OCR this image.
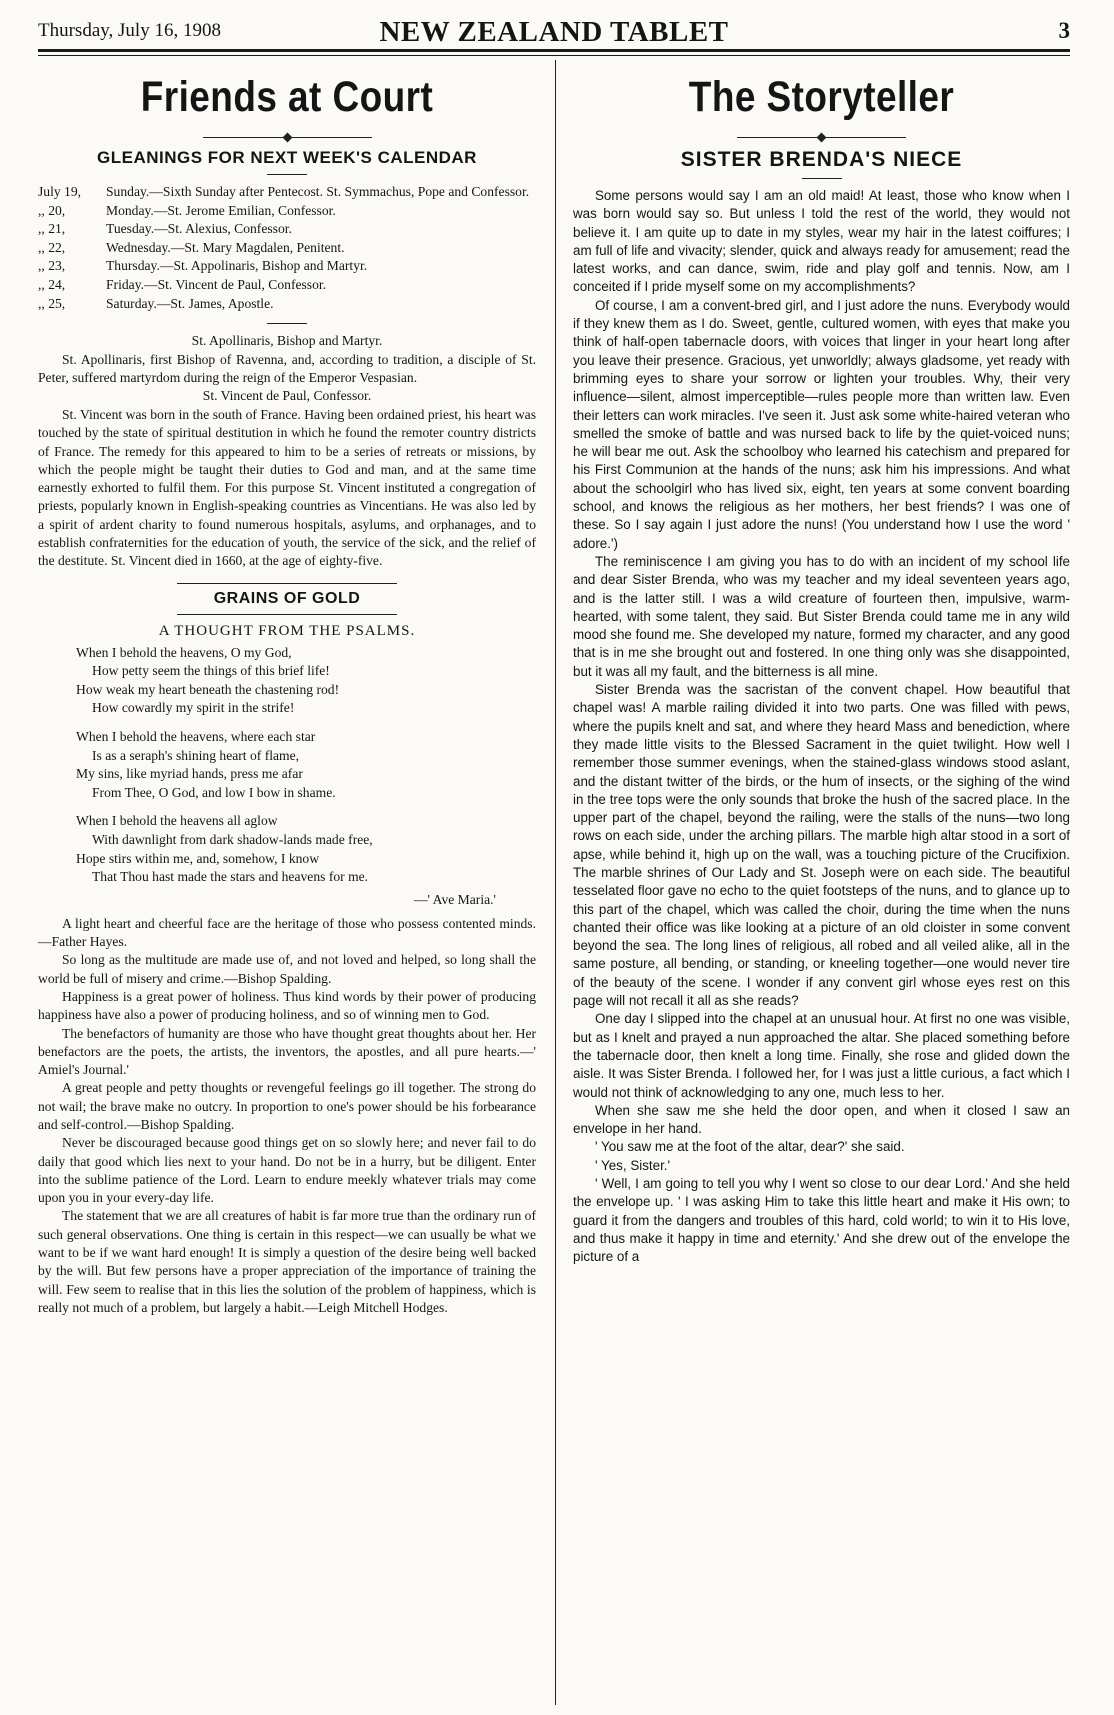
Thursday, July 16, 1908	NEW ZEALAND TABLET	3
Friends at Court
GLEANINGS FOR NEXT WEEK'S CALENDAR
July 19,	Sunday.—Sixth Sunday after Pentecost. St. Symmachus, Pope and Confessor.
,, 20,	Monday.—St. Jerome Emilian, Confessor.
,, 21,	Tuesday.—St. Alexius, Confessor.
,, 22,	Wednesday.—St. Mary Magdalen, Penitent.
,, 23,	Thursday.—St. Appolinaris, Bishop and Martyr.
,, 24,	Friday.—St. Vincent de Paul, Confessor.
,, 25,	Saturday.—St. James, Apostle.
St. Apollinaris, Bishop and Martyr.

St. Apollinaris, first Bishop of Ravenna, and, according to tradition, a disciple of St. Peter, suffered martyrdom during the reign of the Emperor Vespasian.

St. Vincent de Paul, Confessor.

St. Vincent was born in the south of France. Having been ordained priest, his heart was touched by the state of spiritual destitution in which he found the remoter country districts of France. The remedy for this appeared to him to be a series of retreats or missions, by which the people might be taught their duties to God and man, and at the same time earnestly exhorted to fulfil them. For this purpose St. Vincent instituted a congregation of priests, popularly known in English-speaking countries as Vincentians. He was also led by a spirit of ardent charity to found numerous hospitals, asylums, and orphanages, and to establish confraternities for the education of youth, the service of the sick, and the relief of the destitute. St. Vincent died in 1660, at the age of eighty-five.

GRAINS OF GOLD
A THOUGHT FROM THE PSALMS.
When I behold the heavens, O my God,
How petty seem the things of this brief life!
How weak my heart beneath the chastening rod!
How cowardly my spirit in the strife!
When I behold the heavens, where each star
Is as a seraph's shining heart of flame,
My sins, like myriad hands, press me afar
From Thee, O God, and low I bow in shame.
When I behold the heavens all aglow
With dawnlight from dark shadow-lands made free,
Hope stirs within me, and, somehow, I know
That Thou hast made the stars and heavens for me.
—' Ave Maria.'

A light heart and cheerful face are the heritage of those who possess contented minds.—Father Hayes.

So long as the multitude are made use of, and not loved and helped, so long shall the world be full of misery and crime.—Bishop Spalding.

Happiness is a great power of holiness. Thus kind words by their power of producing happiness have also a power of producing holiness, and so of winning men to God.

The benefactors of humanity are those who have thought great thoughts about her. Her benefactors are the poets, the artists, the inventors, the apostles, and all pure hearts.—' Amiel's Journal.'

A great people and petty thoughts or revengeful feelings go ill together. The strong do not wail; the brave make no outcry. In proportion to one's power should be his forbearance and self-control.—Bishop Spalding.

Never be discouraged because good things get on so slowly here; and never fail to do daily that good which lies next to your hand. Do not be in a hurry, but be diligent. Enter into the sublime patience of the Lord. Learn to endure meekly whatever trials may come upon you in your every-day life.

The statement that we are all creatures of habit is far more true than the ordinary run of such general observations. One thing is certain in this respect—we can usually be what we want to be if we want hard enough! It is simply a question of the desire being well backed by the will. But few persons have a proper appreciation of the importance of training the will. Few seem to realise that in this lies the solution of the problem of happiness, which is really not much of a problem, but largely a habit.—Leigh Mitchell Hodges.

The Storyteller
SISTER BRENDA'S NIECE

Some persons would say I am an old maid! At least, those who know when I was born would say so. But unless I told the rest of the world, they would not believe it. I am quite up to date in my styles, wear my hair in the latest coiffures; I am full of life and vivacity; slender, quick and always ready for amusement; read the latest works, and can dance, swim, ride and play golf and tennis. Now, am I conceited if I pride myself some on my accomplishments?

Of course, I am a convent-bred girl, and I just adore the nuns. Everybody would if they knew them as I do. Sweet, gentle, cultured women, with eyes that make you think of half-open tabernacle doors, with voices that linger in your heart long after you leave their presence. Gracious, yet unworldly; always gladsome, yet ready with brimming eyes to share your sorrow or lighten your troubles. Why, their very influence—silent, almost imperceptible—rules people more than written law. Even their letters can work miracles. I've seen it. Just ask some white-haired veteran who smelled the smoke of battle and was nursed back to life by the quiet-voiced nuns; he will bear me out. Ask the schoolboy who learned his catechism and prepared for his First Communion at the hands of the nuns; ask him his impressions. And what about the schoolgirl who has lived six, eight, ten years at some convent boarding school, and knows the religious as her mothers, her best friends? I was one of these. So I say again I just adore the nuns! (You understand how I use the word ' adore.')

The reminiscence I am giving you has to do with an incident of my school life and dear Sister Brenda, who was my teacher and my ideal seventeen years ago, and is the latter still. I was a wild creature of fourteen then, impulsive, warm-hearted, with some talent, they said. But Sister Brenda could tame me in any wild mood she found me. She developed my nature, formed my character, and any good that is in me she brought out and fostered. In one thing only was she disappointed, but it was all my fault, and the bitterness is all mine.

Sister Brenda was the sacristan of the convent chapel. How beautiful that chapel was! A marble railing divided it into two parts. One was filled with pews, where the pupils knelt and sat, and where they heard Mass and benediction, where they made little visits to the Blessed Sacrament in the quiet twilight. How well I remember those summer evenings, when the stained-glass windows stood aslant, and the distant twitter of the birds, or the hum of insects, or the sighing of the wind in the tree tops were the only sounds that broke the hush of the sacred place. In the upper part of the chapel, beyond the railing, were the stalls of the nuns—two long rows on each side, under the arching pillars. The marble high altar stood in a sort of apse, while behind it, high up on the wall, was a touching picture of the Crucifixion. The marble shrines of Our Lady and St. Joseph were on each side. The beautiful tesselated floor gave no echo to the quiet footsteps of the nuns, and to glance up to this part of the chapel, which was called the choir, during the time when the nuns chanted their office was like looking at a picture of an old cloister in some convent beyond the sea. The long lines of religious, all robed and all veiled alike, all in the same posture, all bending, or standing, or kneeling together—one would never tire of the beauty of the scene. I wonder if any convent girl whose eyes rest on this page will not recall it all as she reads?

One day I slipped into the chapel at an unusual hour. At first no one was visible, but as I knelt and prayed a nun approached the altar. She placed something before the tabernacle door, then knelt a long time. Finally, she rose and glided down the aisle. It was Sister Brenda. I followed her, for I was just a little curious, a fact which I would not think of acknowledging to any one, much less to her.

When she saw me she held the door open, and when it closed I saw an envelope in her hand.

' You saw me at the foot of the altar, dear?' she said.

' Yes, Sister.'

' Well, I am going to tell you why I went so close to our dear Lord.' And she held the envelope up. ' I was asking Him to take this little heart and make it His own; to guard it from the dangers and troubles of this hard, cold world; to win it to His love, and thus make it happy in time and eternity.' And she drew out of the envelope the picture of a
